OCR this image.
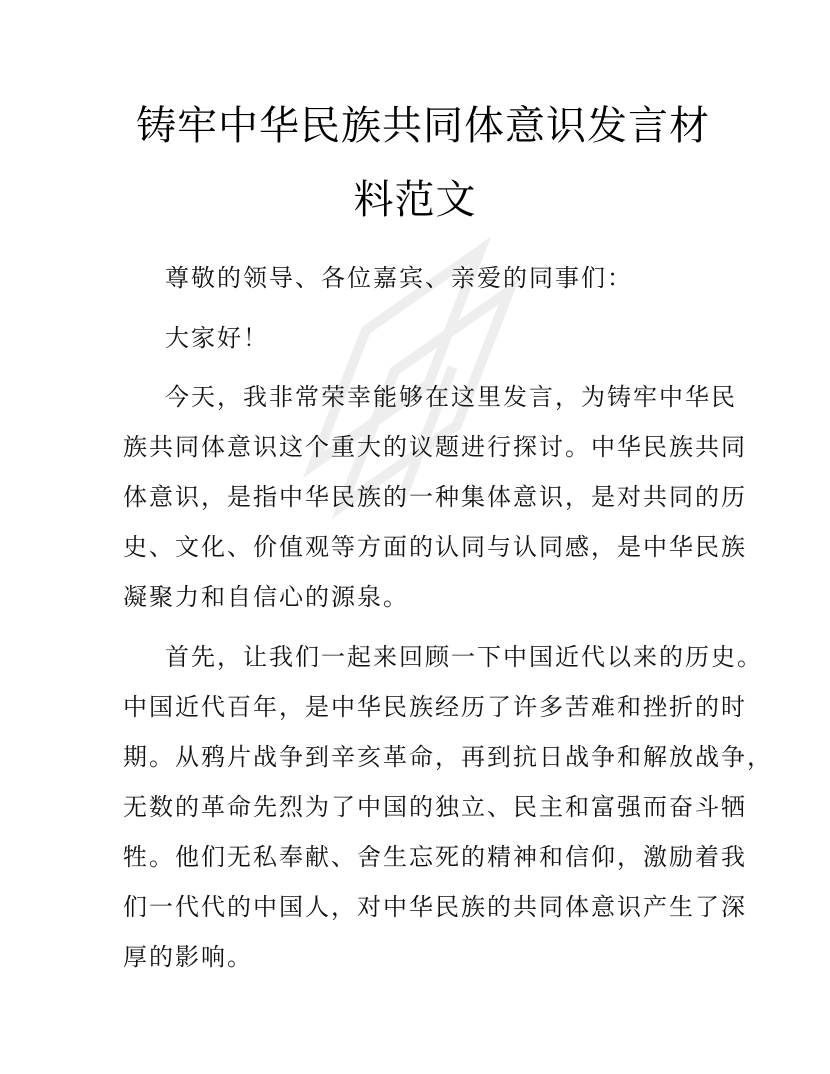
铸牢中华民族共同体意识发言材
料范文
尊敬的领导、各位嘉宾、亲爱的同事们：
大家好！
今天，我非常荣幸能够在这里发言，为铸牢中华民
族共同体意识这个重大的议题进行探讨。中华民族共同
体意识，是指中华民族的一种集体意识，是对共同的历
史、文化、价值观等方面的认同与认同感，是中华民族
凝聚力和自信心的源泉。
首先，让我们一起来回顾一下中国近代以来的历史。
中国近代百年，是中华民族经历了许多苦难和挫折的时
期。从鸦片战争到辛亥革命，再到抗日战争和解放战争，
无数的革命先烈为了中国的独立、民主和富强而奋斗牺
牲。他们无私奉献、舍生忘死的精神和信仰，激励着我
们一代代的中国人，对中华民族的共同体意识产生了深
厚的影响。
